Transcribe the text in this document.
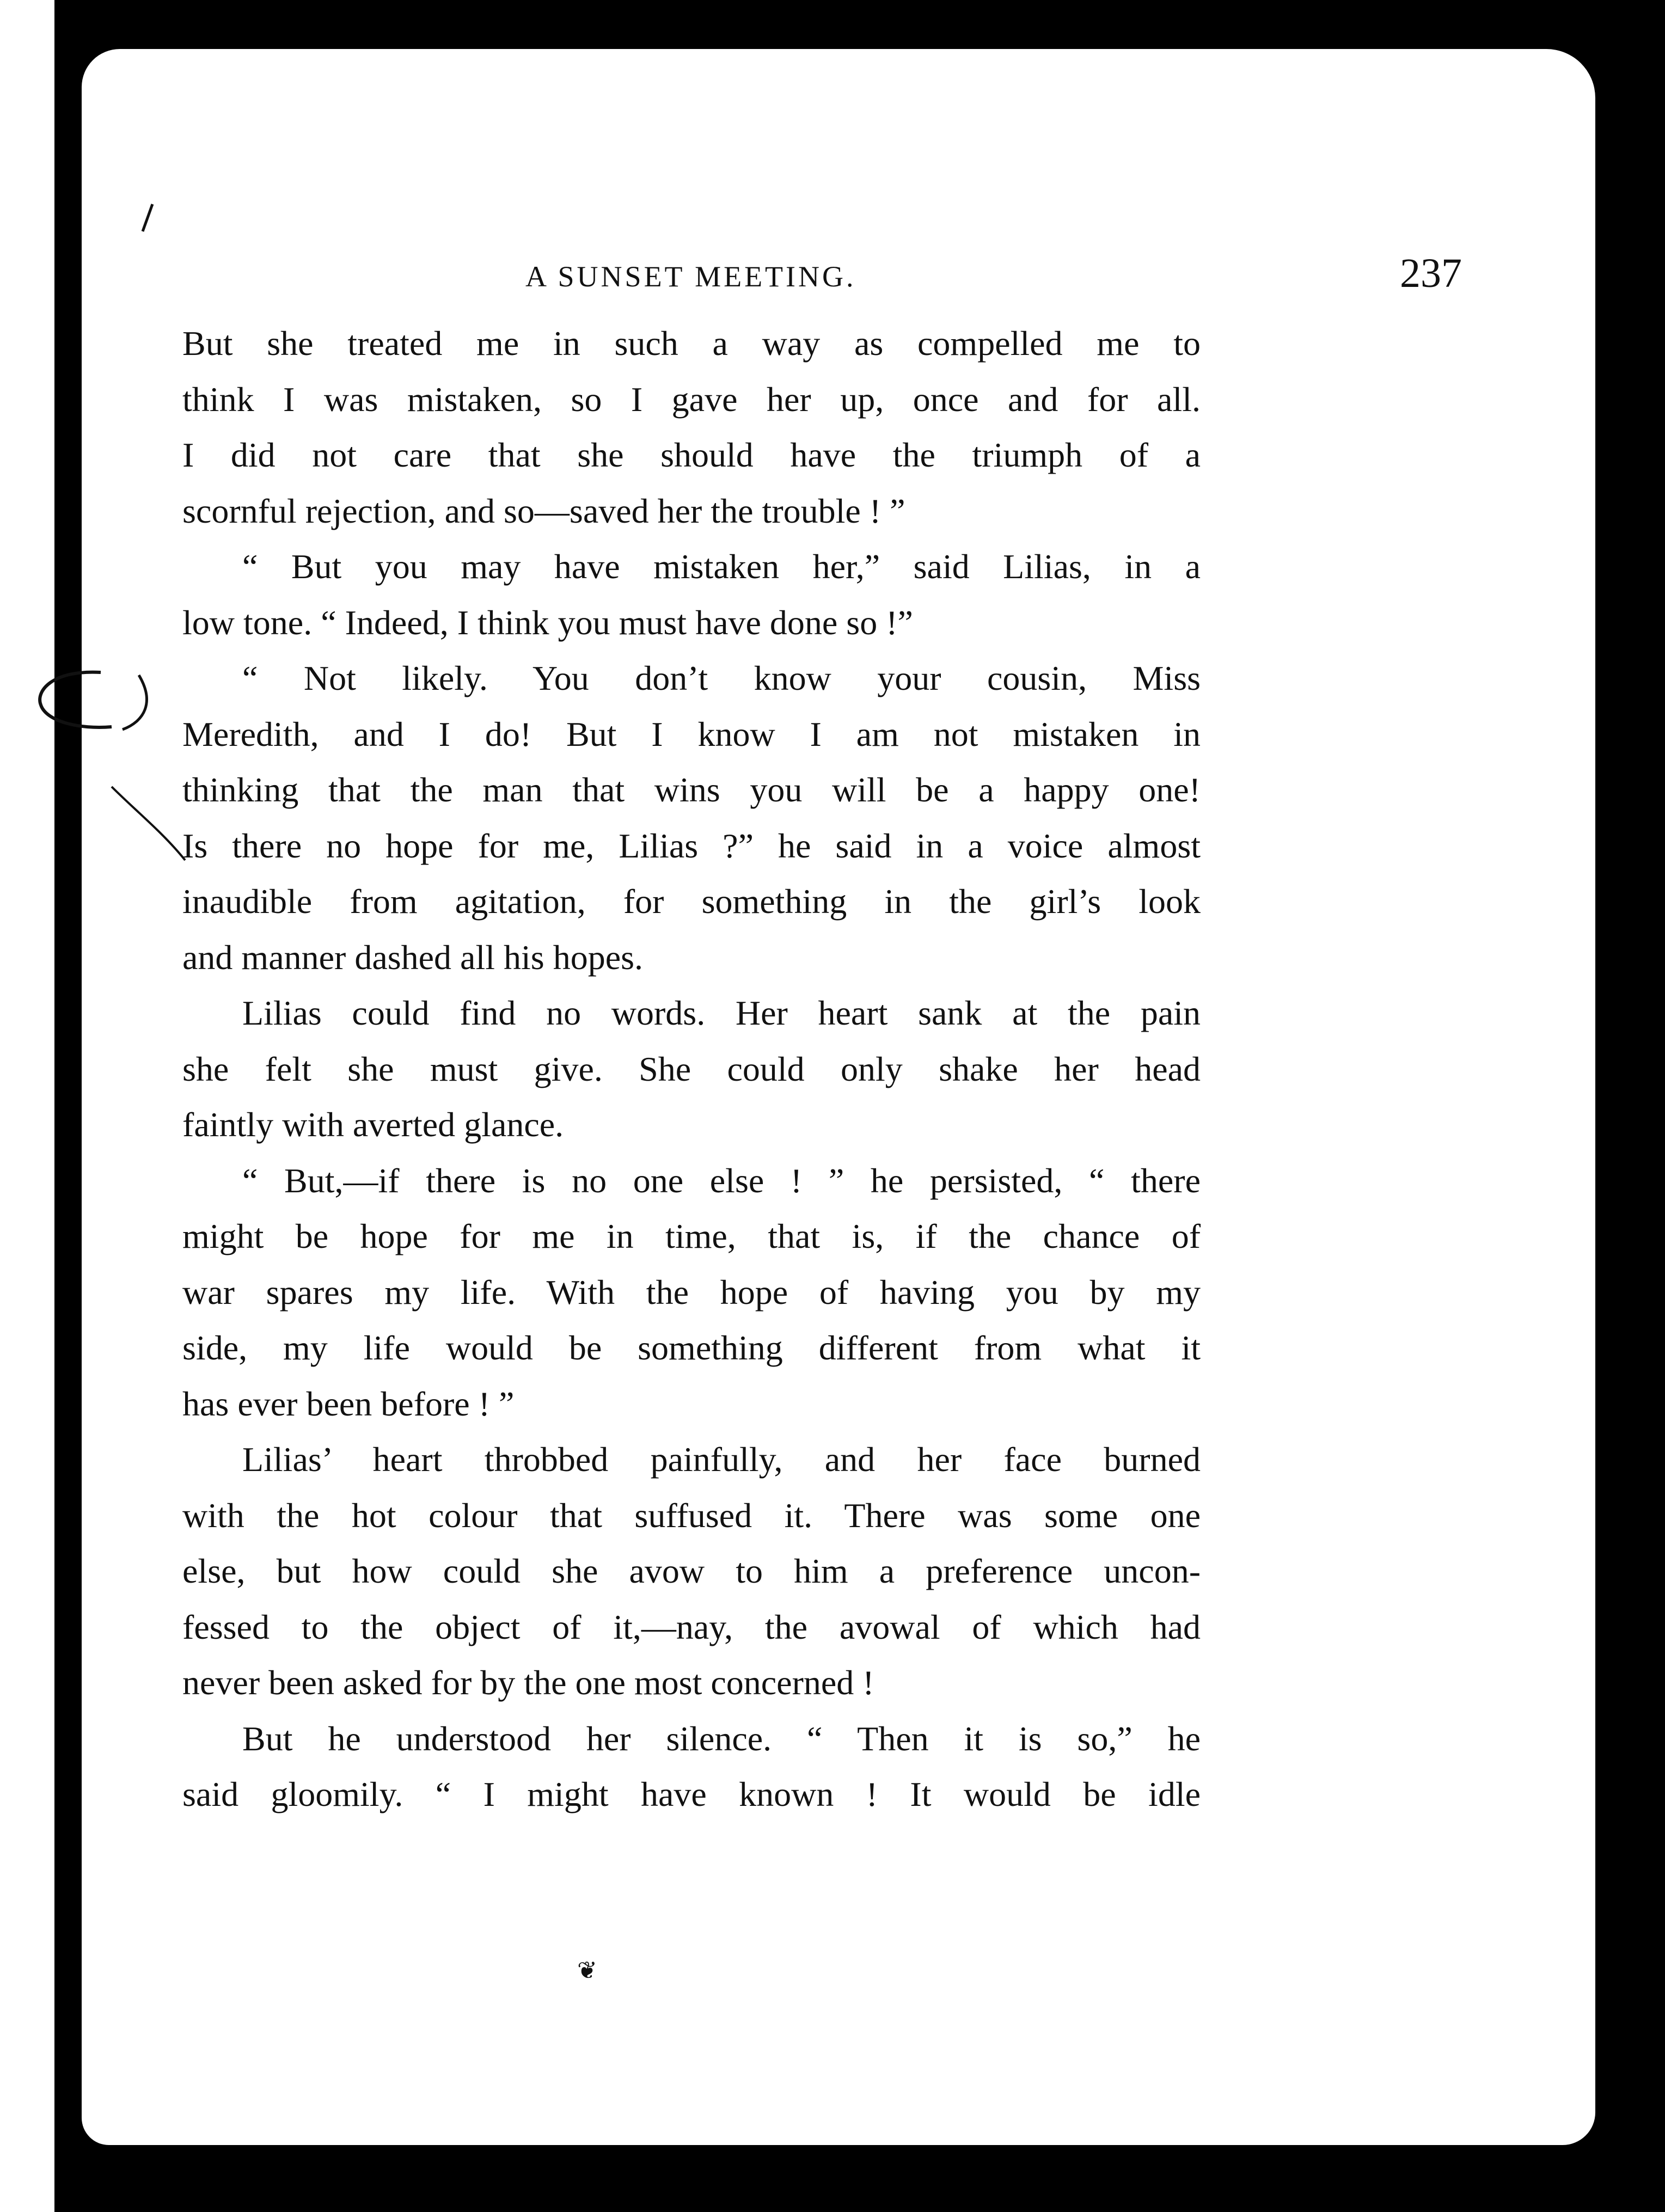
A SUNSET MEETING.	237
But she treated me in such a way as compelled me to
think I was mistaken, so I gave her up, once and for all.
I did not care that she should have the triumph of a
scornful rejection, and so—saved her the trouble ! ”
“ But you may have mistaken her,” said Lilias, in a
low tone. “ Indeed, I think you must have done so !”
“ Not likely. You don’t know your cousin, Miss
Meredith, and I do! But I know I am not mistaken in
thinking that the man that wins you will be a happy one!
Is there no hope for me, Lilias ?” he said in a voice almost
inaudible from agitation, for something in the girl’s look
and manner dashed all his hopes.
Lilias could find no words. Her heart sank at the pain
she felt she must give. She could only shake her head
faintly with averted glance.
“ But,—if there is no one else ! ” he persisted, “ there
might be hope for me in time, that is, if the chance of
war spares my life. With the hope of having you by my
side, my life would be something different from what it
has ever been before ! ”
Lilias’ heart throbbed painfully, and her face burned
with the hot colour that suffused it. There was some one
else, but how could she avow to him a preference uncon-
fessed to the object of it,—nay, the avowal of which had
never been asked for by the one most concerned !
But he understood her silence. “ Then it is so,” he
said gloomily. “ I might have known ! It would be idle
❦
